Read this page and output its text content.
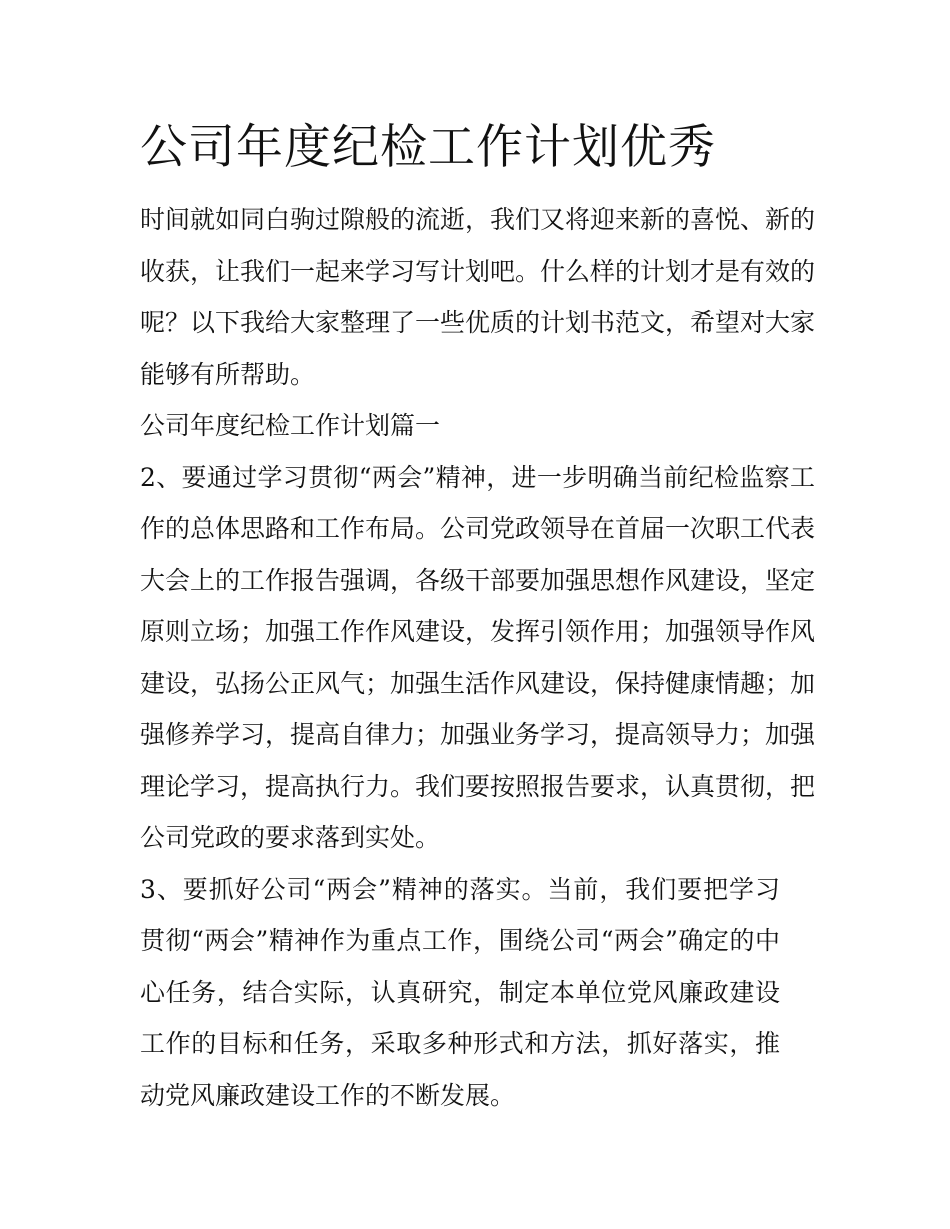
公司年度纪检工作计划优秀

时间就如同白驹过隙般的流逝，我们又将迎来新的喜悦、新的收获，让我们一起来学习写计划吧。什么样的计划才是有效的呢？以下我给大家整理了一些优质的计划书范文，希望对大家能够有所帮助。

公司年度纪检工作计划篇一

2、要通过学习贯彻“两会”精神，进一步明确当前纪检监察工作的总体思路和工作布局。公司党政领导在首届一次职工代表大会上的工作报告强调，各级干部要加强思想作风建设，坚定原则立场；加强工作作风建设，发挥引领作用；加强领导作风建设，弘扬公正风气；加强生活作风建设，保持健康情趣；加强修养学习，提高自律力；加强业务学习，提高领导力；加强理论学习，提高执行力。我们要按照报告要求，认真贯彻，把公司党政的要求落到实处。

3、要抓好公司“两会”精神的落实。当前，我们要把学习贯彻“两会”精神作为重点工作，围绕公司“两会”确定的中心任务，结合实际，认真研究，制定本单位党风廉政建设工作的目标和任务，采取多种形式和方法，抓好落实，推动党风廉政建设工作的不断发展。
